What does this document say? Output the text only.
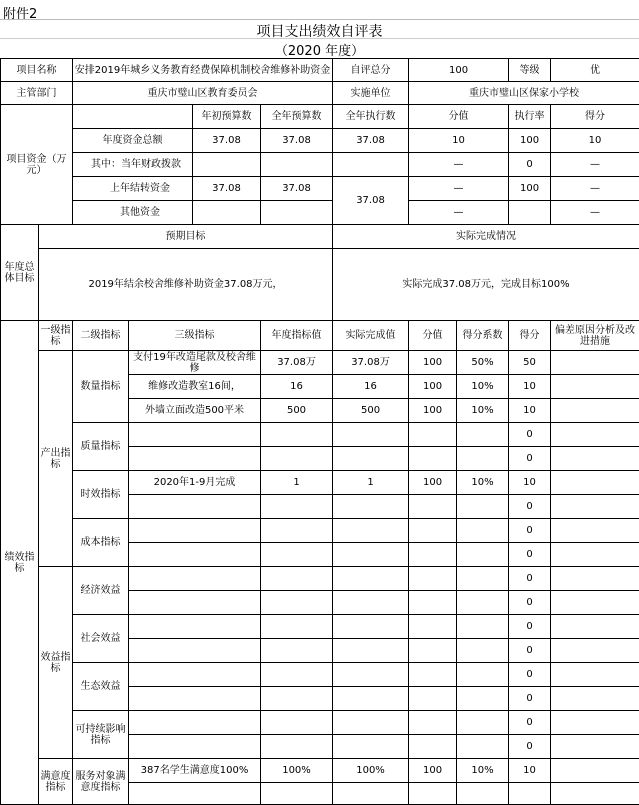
附件2
项目支出绩效自评表
（2020 年度）
项目名称		安排2019年城乡义务教育经费保障机制校舍维修补助资金				自评总分	100		等级	优
主管部门		重庆市璧山区教育委员会				实施单位	重庆市璧山区保家小学校			
项目资金（万元）				年初预算数	全年预算数	全年执行数	分值		执行率	得分
		年度资金总额		37.08	37.08	37.08	10		100	10
		其中：当年财政拨款					—		0	—
		上年结转资金		37.08	37.08	37.08	—		100	—
		其他资金					—			—
年度总体目标	预期目标					实际完成情况				
	2019年结余校舍维修补助资金37.08万元，					实际完成37.08万元，完成目标100%				
绩效指标	一级指标	二级指标	三级指标		年度指标值	实际完成值	分值	得分系数	得分	偏差原因分析及改进措施
	产出指标	数量指标	支付19年改造尾款及校舍维修		37.08万	37.08万	100	50%	50	
			维修改造教室16间，		16	16	100	10%	10	
			外墙立面改造500平米		500	500	100	10%	10	
		质量指标							0	
									0	
		时效指标	2020年1-9月完成		1	1	100	10%	10	
									0	
		成本指标							0	
									0	
	效益指标	经济效益							0	
									0	
		社会效益							0	
									0	
		生态效益							0	
									0	
		可持续影响指标							0	
									0	
	满意度指标	服务对象满意度指标	387名学生满意度100%		100%	100%	100	10%	10	
